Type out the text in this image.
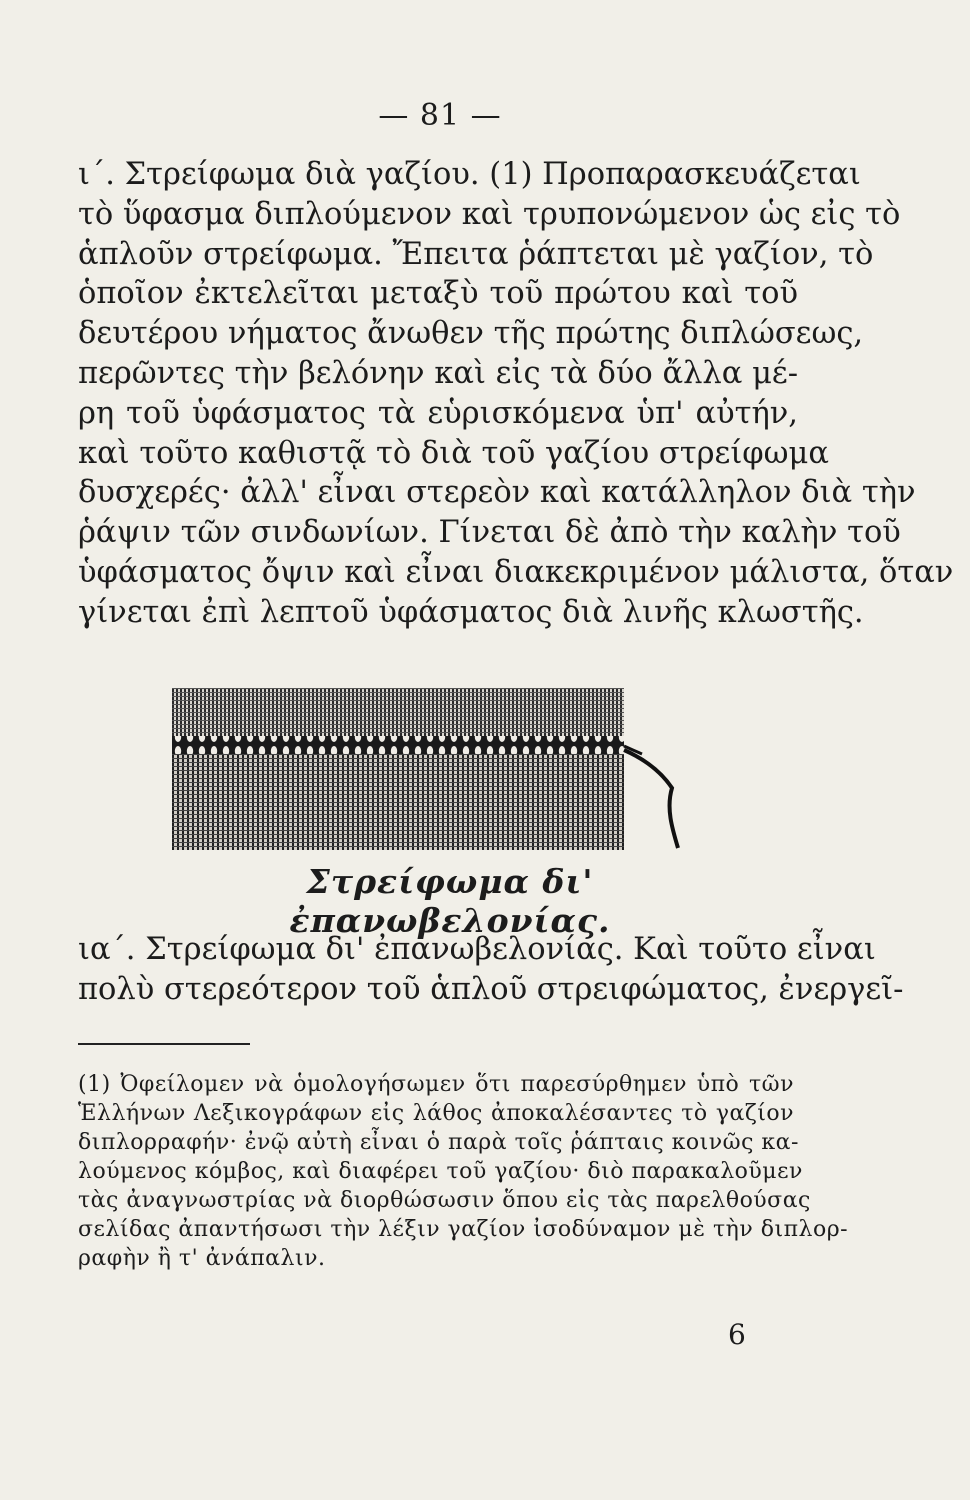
— 81 —
ι΄. Στρείφωμα διὰ γαζίου. (1) Προπαρασκευάζεται
τὸ ὕφασμα διπλούμενον καὶ τρυπονώμενον ὡς εἰς τὸ
ἁπλοῦν στρείφωμα. Ἔπειτα ῥάπτεται μὲ γαζίον, τὸ
ὁποῖον ἐκτελεῖται μεταξὺ τοῦ πρώτου καὶ τοῦ
δευτέρου νήματος ἄνωθεν τῆς πρώτης διπλώσεως,
περῶντες τὴν βελόνην καὶ εἰς τὰ δύο ἄλλα μέ-
ρη τοῦ ὑφάσματος τὰ εὑρισκόμενα ὑπ' αὐτήν,
καὶ τοῦτο καθιστᾷ τὸ διὰ τοῦ γαζίου στρείφωμα
δυσχερές· ἀλλ' εἶναι στερεὸν καὶ κατάλληλον διὰ τὴν
ῥάψιν τῶν σινδωνίων. Γίνεται δὲ ἀπὸ τὴν καλὴν τοῦ
ὑφάσματος ὄψιν καὶ εἶναι διακεκριμένον μάλιστα, ὅταν
γίνεται ἐπὶ λεπτοῦ ὑφάσματος διὰ λινῆς κλωστῆς.
Στρείφωμα δι' ἐπανωβελονίας.
ια΄. Στρείφωμα δι' ἐπανωβελονίας. Καὶ τοῦτο εἶναι
πολὺ στερεότερον τοῦ ἁπλοῦ στρειφώματος, ἐνεργεῖ-
(1) Ὀφείλομεν νὰ ὁμολογήσωμεν ὅτι παρεσύρθημεν ὑπὸ τῶν
Ἑλλήνων Λεξικογράφων εἰς λάθος ἀποκαλέσαντες τὸ γαζίον
διπλορραφήν· ἐνῷ αὐτὴ εἶναι ὁ παρὰ τοῖς ῥάπταις κοινῶς κα-
λούμενος κόμβος, καὶ διαφέρει τοῦ γαζίου· διὸ παρακαλοῦμεν
τὰς ἀναγνωστρίας νὰ διορθώσωσιν ὅπου εἰς τὰς παρελθούσας
σελίδας ἀπαντήσωσι τὴν λέξιν γαζίον ἰσοδύναμον μὲ τὴν διπλορ-
ραφὴν ἢ τ' ἀνάπαλιν.
6
